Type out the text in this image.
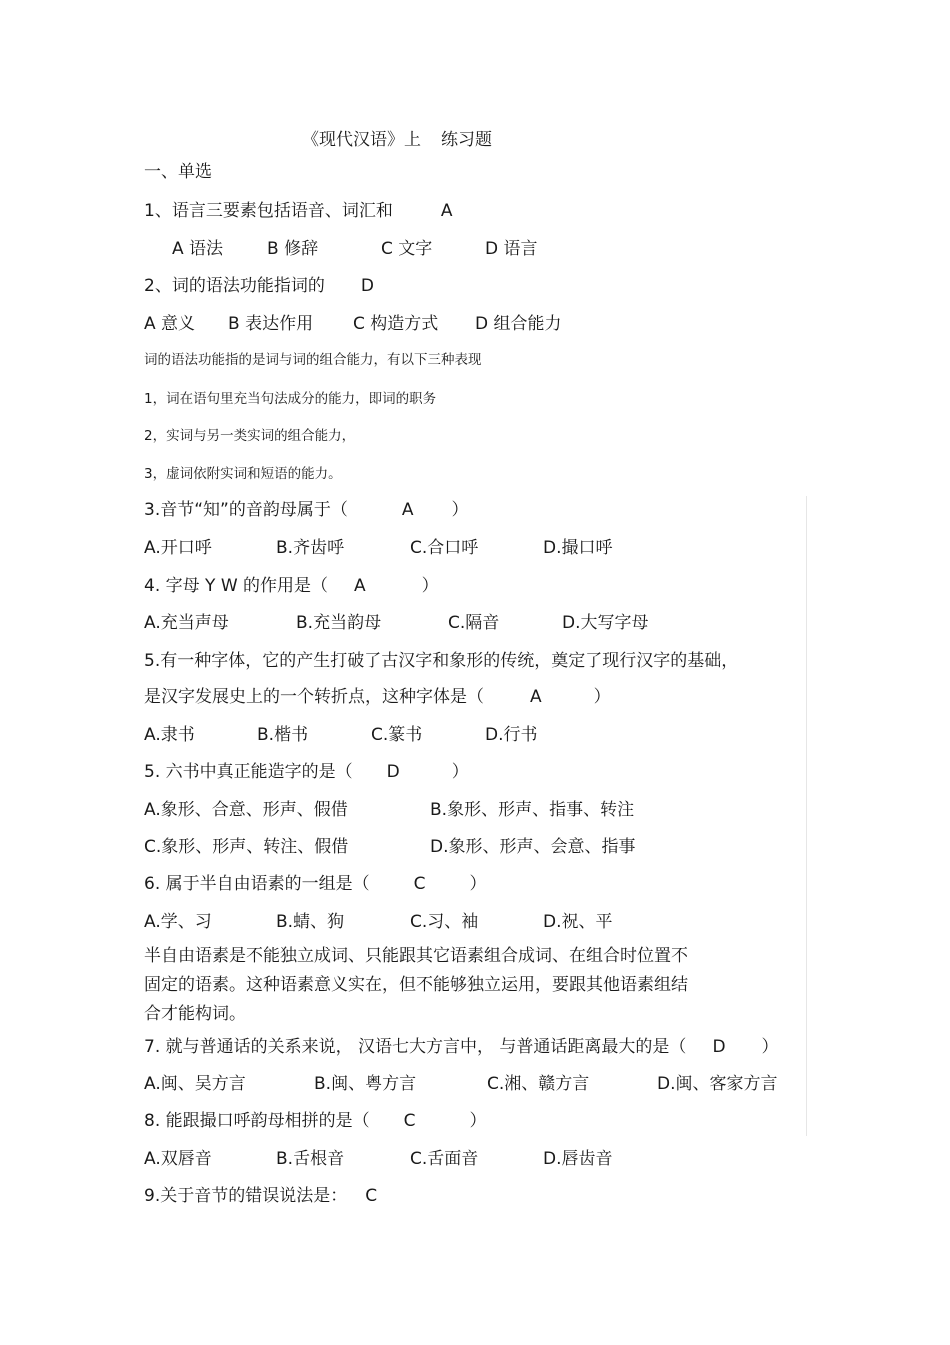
《现代汉语》上 练习题
一、单选
1、语言三要素包括语音、词汇和	A
A 语法	B 修辞	C 文字	D 语言
2、词的语法功能指词的 D
A 意义 B 表达作用 C 构造方式 D 组合能力
词的语法功能指的是词与词的组合能力，有以下三种表现
1，词在语句里充当句法成分的能力，即词的职务
2，实词与另一类实词的组合能力，
3，虚词依附实词和短语的能力。
3.音节“知”的音韵母属于（	A ）
A.开口呼	B.齐齿呼	C.合口呼	D.撮口呼
4. 字母 Y W 的作用是（ A	）
A.充当声母	B.充当韵母	C.隔音	D.大写字母
5.有一种字体，它的产生打破了古汉字和象形的传统，奠定了现行汉字的基础，
是汉字发展史上的一个转折点，这种字体是（	A	）
A.隶书	B.楷书	C.篆书	D.行书
5. 六书中真正能造字的是（ D	）
A.象形、合意、形声、假借	B.象形、形声、指事、转注
C.象形、形声、转注、假借	D.象形、形声、会意、指事
6. 属于半自由语素的一组是（	C	）
A.学、习	B.蜻、狗	C.习、袖	D.祝、平
半自由语素是不能独立成词、只能跟其它语素组合成词、在组合时位置不
固定的语素。这种语素意义实在，但不能够独立运用，要跟其他语素组结
合才能构词。
7. 就与普通话的关系来说， 汉语七大方言中， 与普通话距离最大的是（ D ）
A.闽、吴方言	B.闽、粤方言	C.湘、赣方言	D.闽、客家方言
8. 能跟撮口呼韵母相拼的是（ C	）
A.双唇音	B.舌根音	C.舌面音	D.唇齿音
9.关于音节的错误说法是： C
